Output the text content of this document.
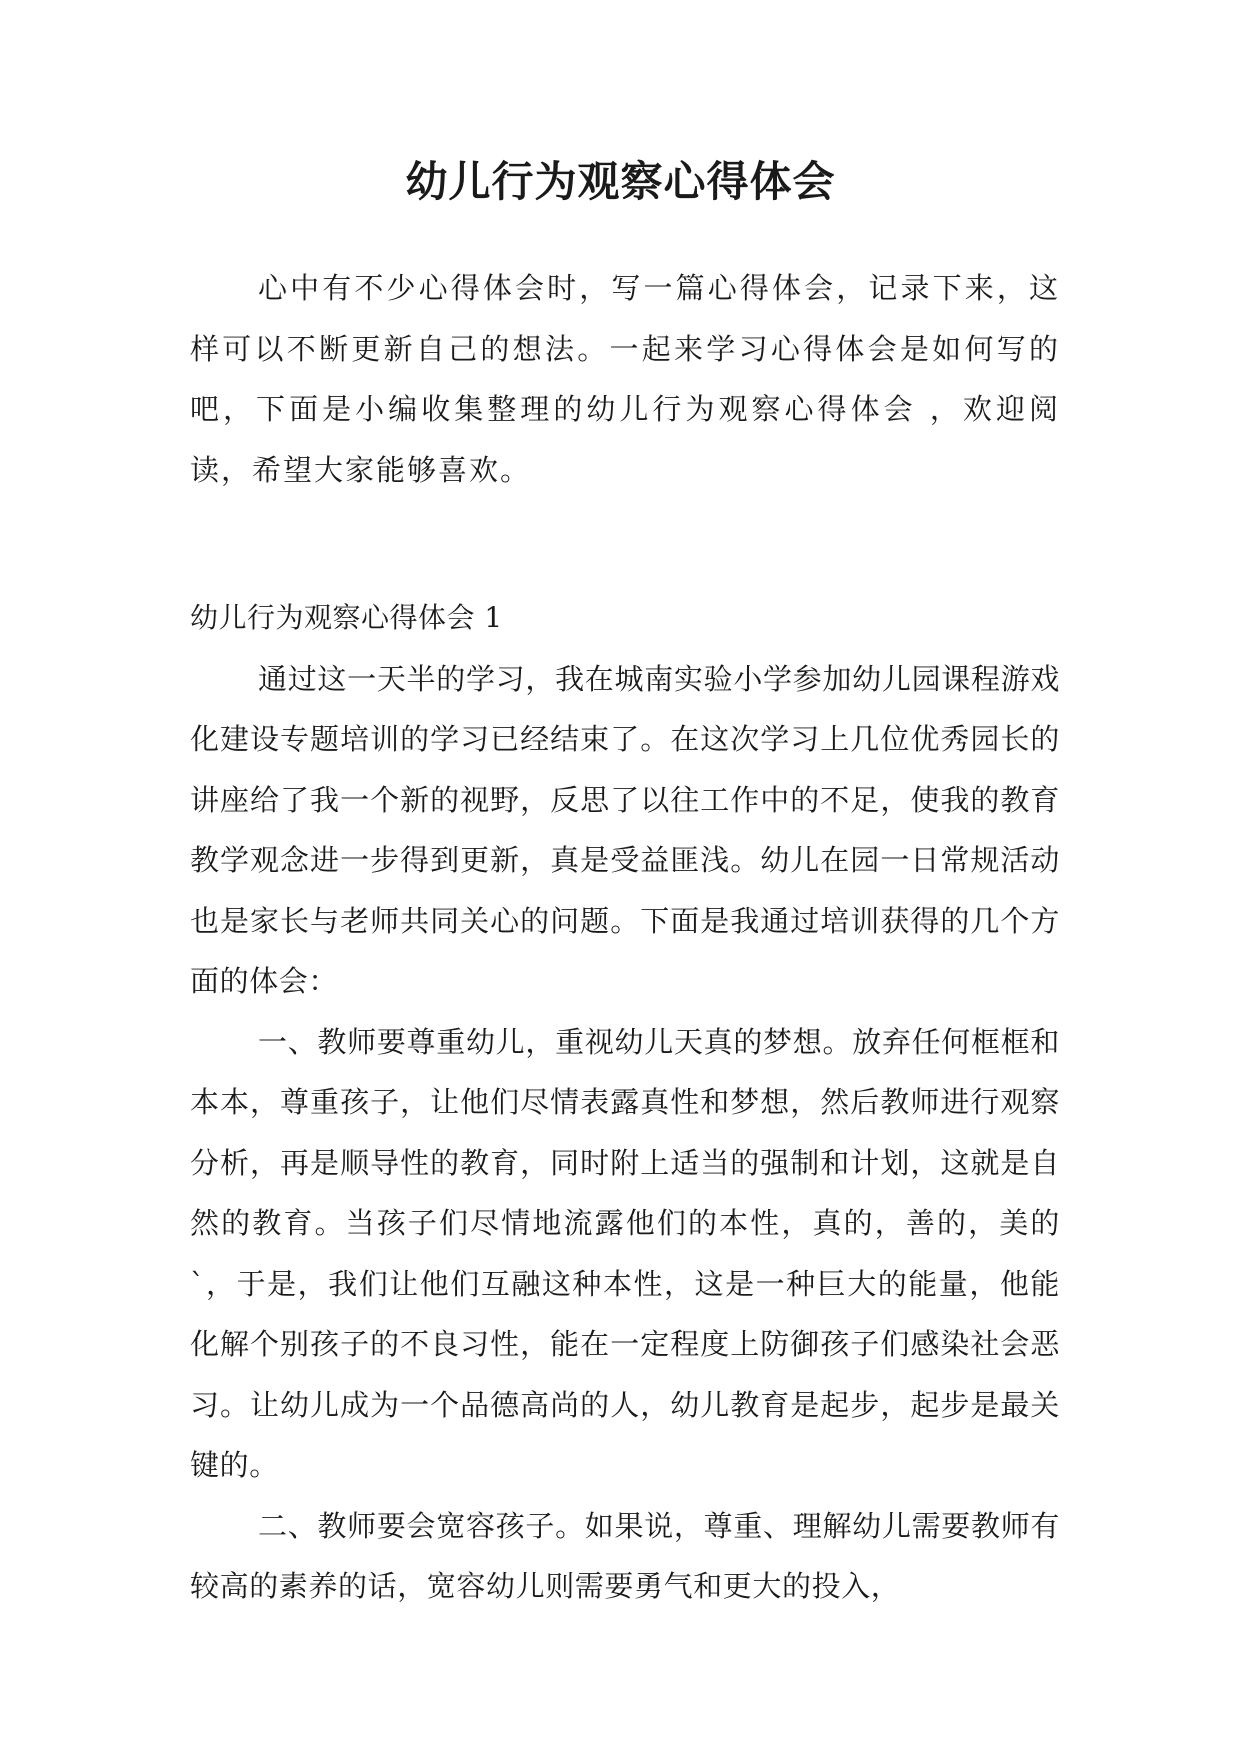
幼儿行为观察心得体会

心中有不少心得体会时，写一篇心得体会，记录下来，这样可以不断更新自己的想法。一起来学习心得体会是如何写的吧，下面是小编收集整理的幼儿行为观察心得体会 ，欢迎阅读，希望大家能够喜欢。

幼儿行为观察心得体会 1

通过这一天半的学习，我在城南实验小学参加幼儿园课程游戏化建设专题培训的学习已经结束了。在这次学习上几位优秀园长的讲座给了我一个新的视野，反思了以往工作中的不足，使我的教育教学观念进一步得到更新，真是受益匪浅。幼儿在园一日常规活动也是家长与老师共同关心的问题。下面是我通过培训获得的几个方面的体会：

一、教师要尊重幼儿，重视幼儿天真的梦想。放弃任何框框和本本，尊重孩子，让他们尽情表露真性和梦想，然后教师进行观察分析，再是顺导性的教育，同时附上适当的强制和计划，这就是自然的教育。当孩子们尽情地流露他们的本性，真的，善的，美的`，于是，我们让他们互融这种本性，这是一种巨大的能量，他能化解个别孩子的不良习性，能在一定程度上防御孩子们感染社会恶习。让幼儿成为一个品德高尚的人，幼儿教育是起步，起步是最关键的。

二、教师要会宽容孩子。如果说，尊重、理解幼儿需要教师有较高的素养的话，宽容幼儿则需要勇气和更大的投入，
